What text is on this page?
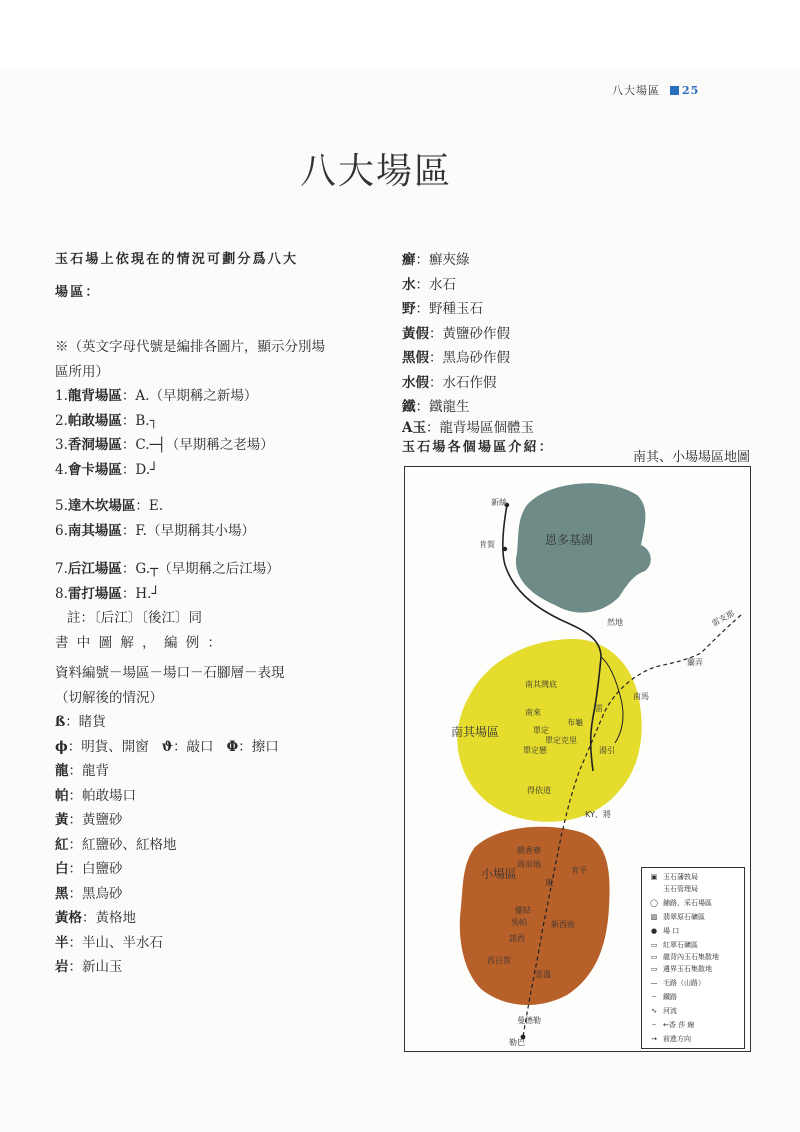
八大場區 25
八大場區
玉石場上依現在的情況可劃分爲八大
場區：
※（英文字母代號是編排各圖片，顯示分別場
區所用）
1.龍背場區：A.（早期稱之新場）
2.帕敢場區：B.┐
3.香洞場區：C.─┤（早期稱之老場）
4.會卡場區：D.┘
5.達木坎場區：E.
6.南其場區：F.（早期稱其小場）
7.后江場區：G.┬（早期稱之后江場）
8.雷打場區：H.┘
註：〔后江〕〔後江〕同
書 中 圖 解 ， 編 例 ：
資料編號－場區－場口－石腳層－表現
（切解後的情況）
ß：睹貨
ϕ：明貨、開窗 ϑ：敲口 Φ：擦口
龍：龍背
帕：帕敢場口
黃：黃鹽砂
紅：紅鹽砂、紅格地
白：白鹽砂
黑：黑烏砂
黃格：黃格地
半：半山、半水石
岩：新山玉
癬：癬夾綠
水：水石
野：野種玉石
黃假：黃鹽砂作假
黑假：黑烏砂作假
水假：水石作假
鐵：鐵龍生
A玉：龍背場區個體玉
玉石場各個場區介紹：
南其、小場場區地圖
恩多基湖
南其場區
小場區
新絲
肯賀
然地	雷支那
蘭弄
南其灣底
南馬
南來
布龜
單定
單定克里
單定懸
雷
湯引
得依道
KY、將
戲香寮
周帝地
肯平
蓮
擺結
吳帕	新西曲
諾西
西百賀
喜溫
曼德勒
勒巴
▣ 玉石藩敦局
玉石管理局
◯ 鋪路，采石場區
▨ 翡翠原石礦區
● 場 口
▭ 紅翠石礦區
▭ 龍背內玉石集散地
▭ 邊界玉石集散地
— 毛路（山路）
┄ 鐵路
∿ 河流
┈ ←香 莎 線
→ 前進方向
